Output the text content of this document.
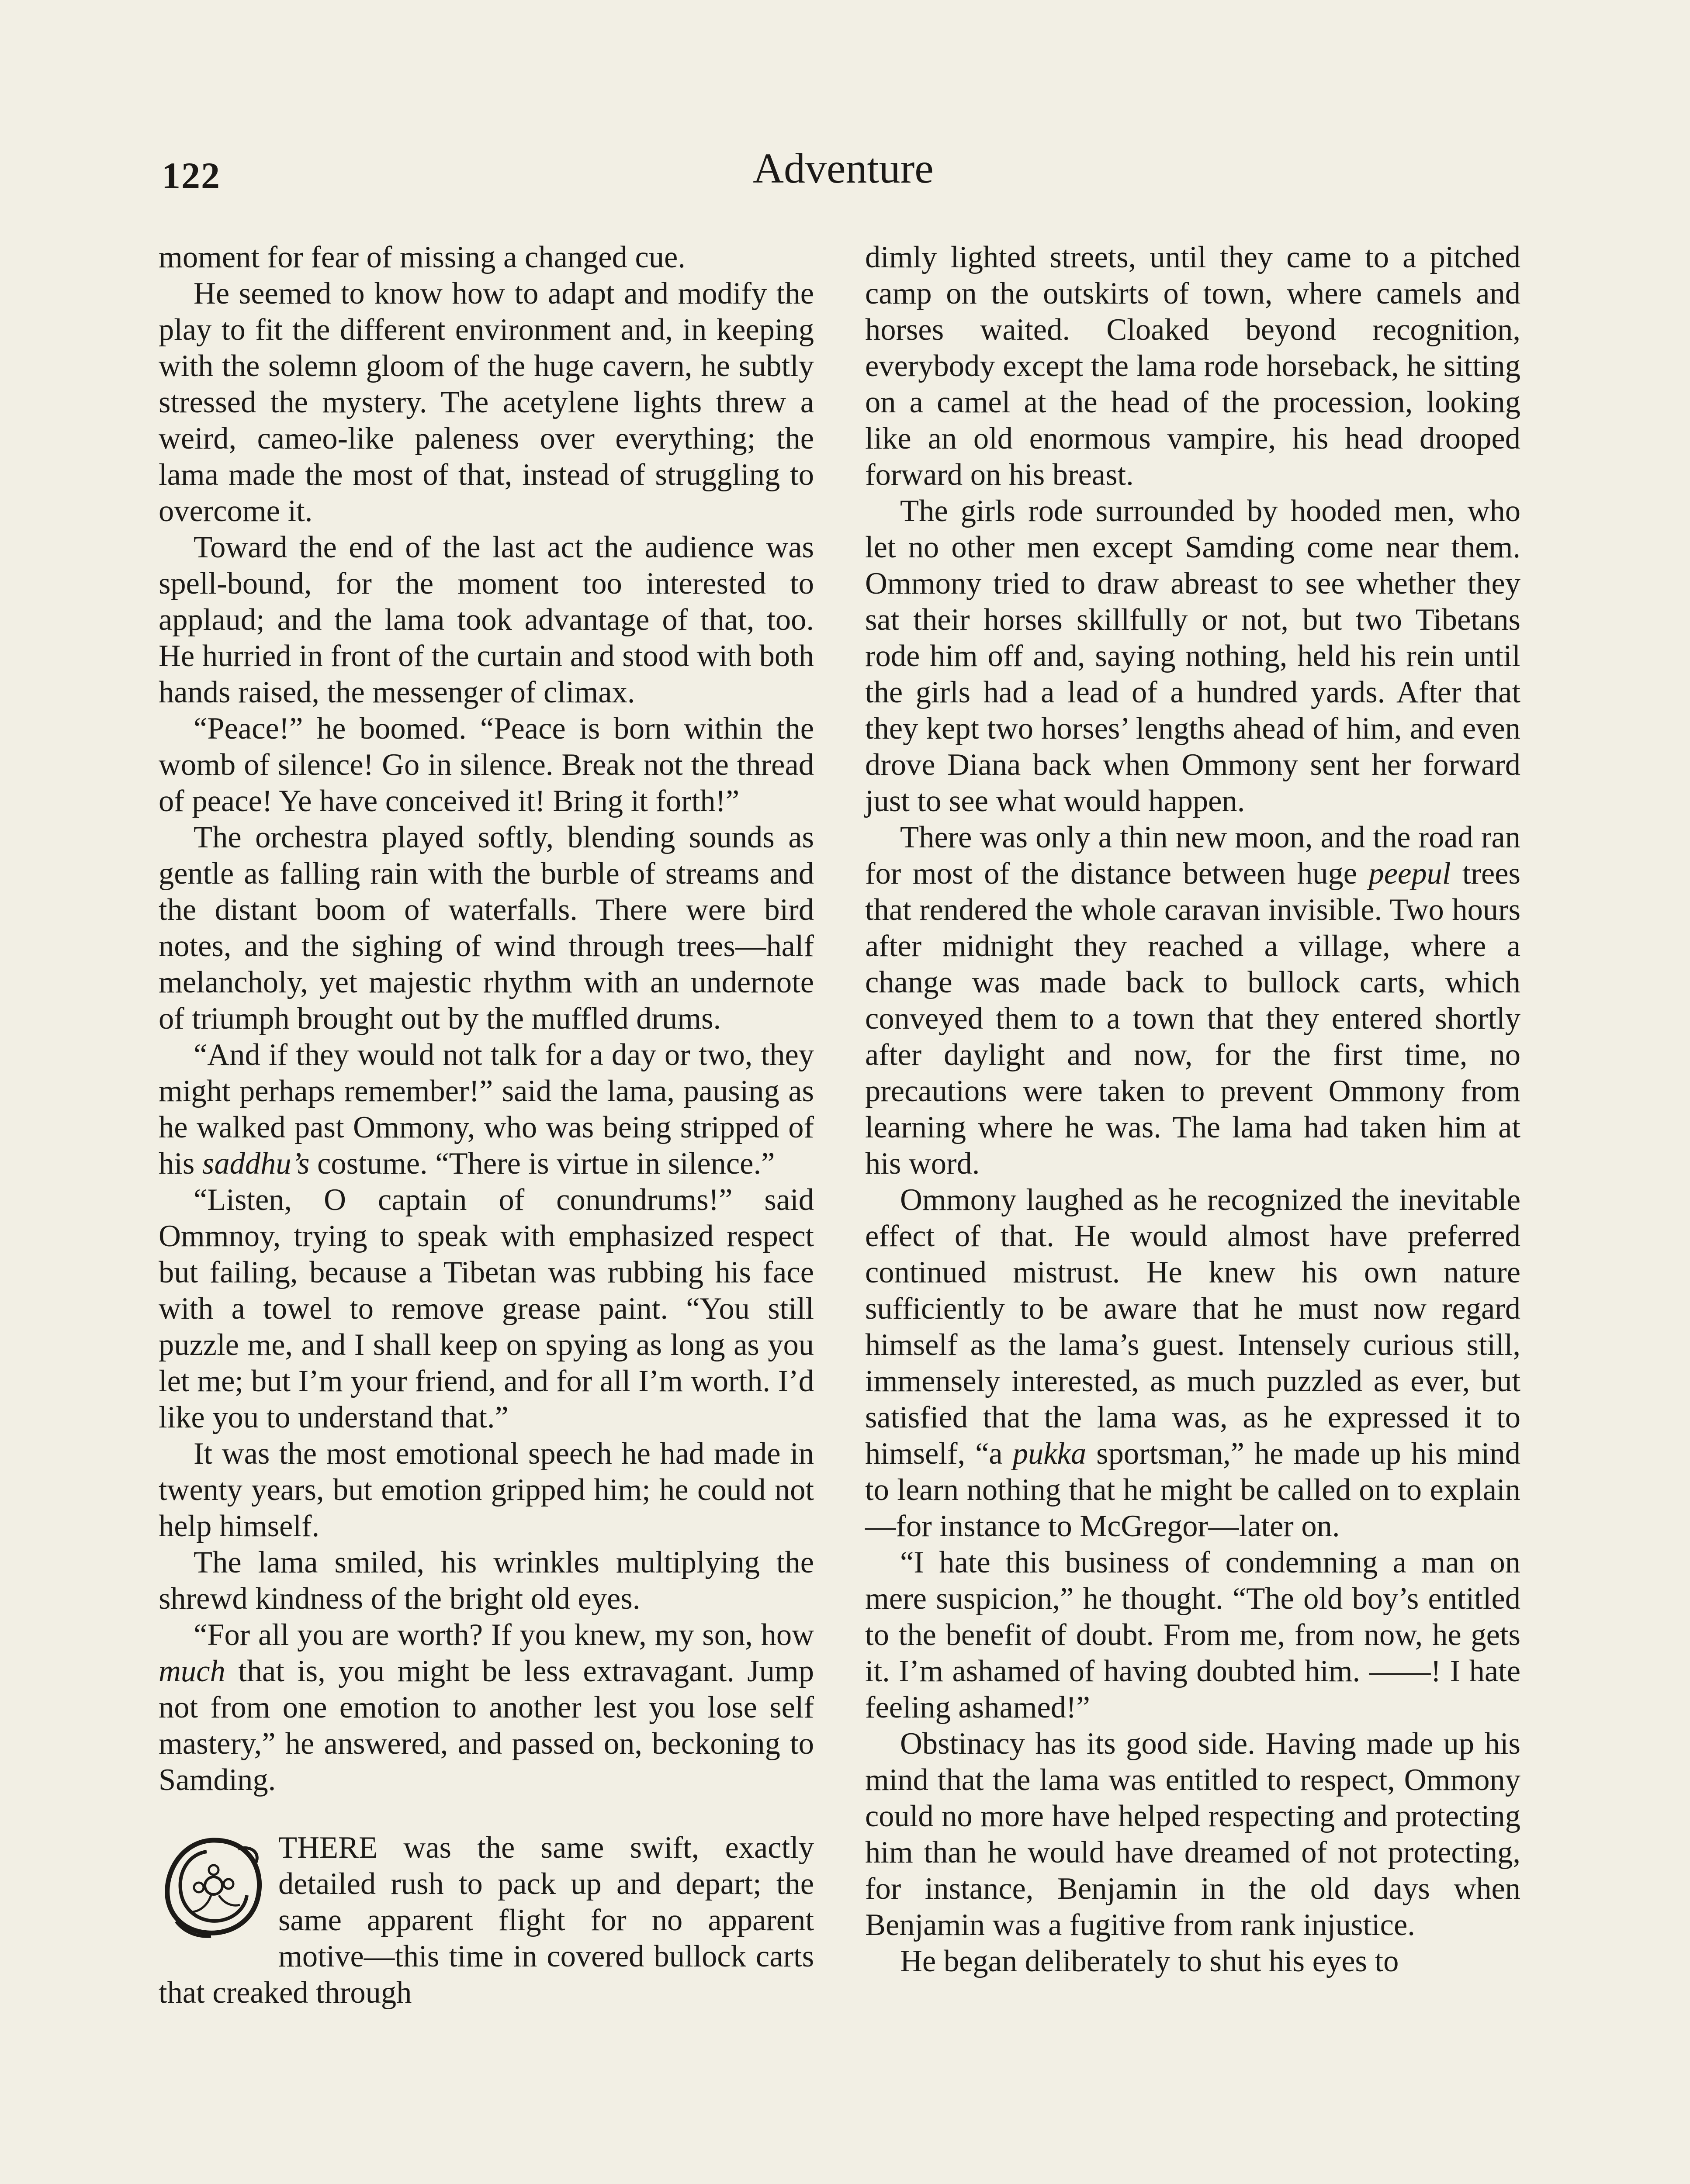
122	Adventure

moment for fear of missing a changed cue.

He seemed to know how to adapt and modify the play to fit the different environment and, in keeping with the solemn gloom of the huge cavern, he subtly stressed the mystery. The acetylene lights threw a weird, cameo-like paleness over everything; the lama made the most of that, instead of struggling to overcome it.

Toward the end of the last act the audience was spell-bound, for the moment too interested to applaud; and the lama took advantage of that, too. He hurried in front of the curtain and stood with both hands raised, the messenger of climax.

“Peace!” he boomed. “Peace is born within the womb of silence! Go in silence. Break not the thread of peace! Ye have conceived it! Bring it forth!”

The orchestra played softly, blending sounds as gentle as falling rain with the burble of streams and the distant boom of waterfalls. There were bird notes, and the sighing of wind through trees—half melancholy, yet majestic rhythm with an undernote of triumph brought out by the muffled drums.

“And if they would not talk for a day or two, they might perhaps remember!” said the lama, pausing as he walked past Ommony, who was being stripped of his saddhu’s costume. “There is virtue in silence.”

“Listen, O captain of conundrums!” said Ommnoy, trying to speak with emphasized respect but failing, because a Tibetan was rubbing his face with a towel to remove grease paint. “You still puzzle me, and I shall keep on spying as long as you let me; but I’m your friend, and for all I’m worth. I’d like you to understand that.”

It was the most emotional speech he had made in twenty years, but emotion gripped him; he could not help himself.

The lama smiled, his wrinkles multiplying the shrewd kindness of the bright old eyes.

“For all you are worth? If you knew, my son, how much that is, you might be less extravagant. Jump not from one emotion to another lest you lose self mastery,” he answered, and passed on, beckoning to Samding.

THERE was the same swift, exactly detailed rush to pack up and depart; the same apparent flight for no apparent motive—this time in covered bullock carts that creaked through

dimly lighted streets, until they came to a pitched camp on the outskirts of town, where camels and horses waited. Cloaked beyond recognition, everybody except the lama rode horseback, he sitting on a camel at the head of the procession, looking like an old enormous vampire, his head drooped forward on his breast.

The girls rode surrounded by hooded men, who let no other men except Samding come near them. Ommony tried to draw abreast to see whether they sat their horses skillfully or not, but two Tibetans rode him off and, saying nothing, held his rein until the girls had a lead of a hundred yards. After that they kept two horses’ lengths ahead of him, and even drove Diana back when Ommony sent her forward just to see what would happen.

There was only a thin new moon, and the road ran for most of the distance between huge peepul trees that rendered the whole caravan invisible. Two hours after midnight they reached a village, where a change was made back to bullock carts, which conveyed them to a town that they entered shortly after daylight and now, for the first time, no precautions were taken to prevent Ommony from learning where he was. The lama had taken him at his word.

Ommony laughed as he recognized the inevitable effect of that. He would almost have preferred continued mistrust. He knew his own nature sufficiently to be aware that he must now regard himself as the lama’s guest. Intensely curious still, immensely interested, as much puzzled as ever, but satisfied that the lama was, as he expressed it to himself, “a pukka sportsman,” he made up his mind to learn nothing that he might be called on to explain—for instance to McGregor—later on.

“I hate this business of condemning a man on mere suspicion,” he thought. “The old boy’s entitled to the benefit of doubt. From me, from now, he gets it. I’m ashamed of having doubted him. ——! I hate feeling ashamed!”

Obstinacy has its good side. Having made up his mind that the lama was entitled to respect, Ommony could no more have helped respecting and protecting him than he would have dreamed of not protecting, for instance, Benjamin in the old days when Benjamin was a fugitive from rank injustice.

He began deliberately to shut his eyes to
